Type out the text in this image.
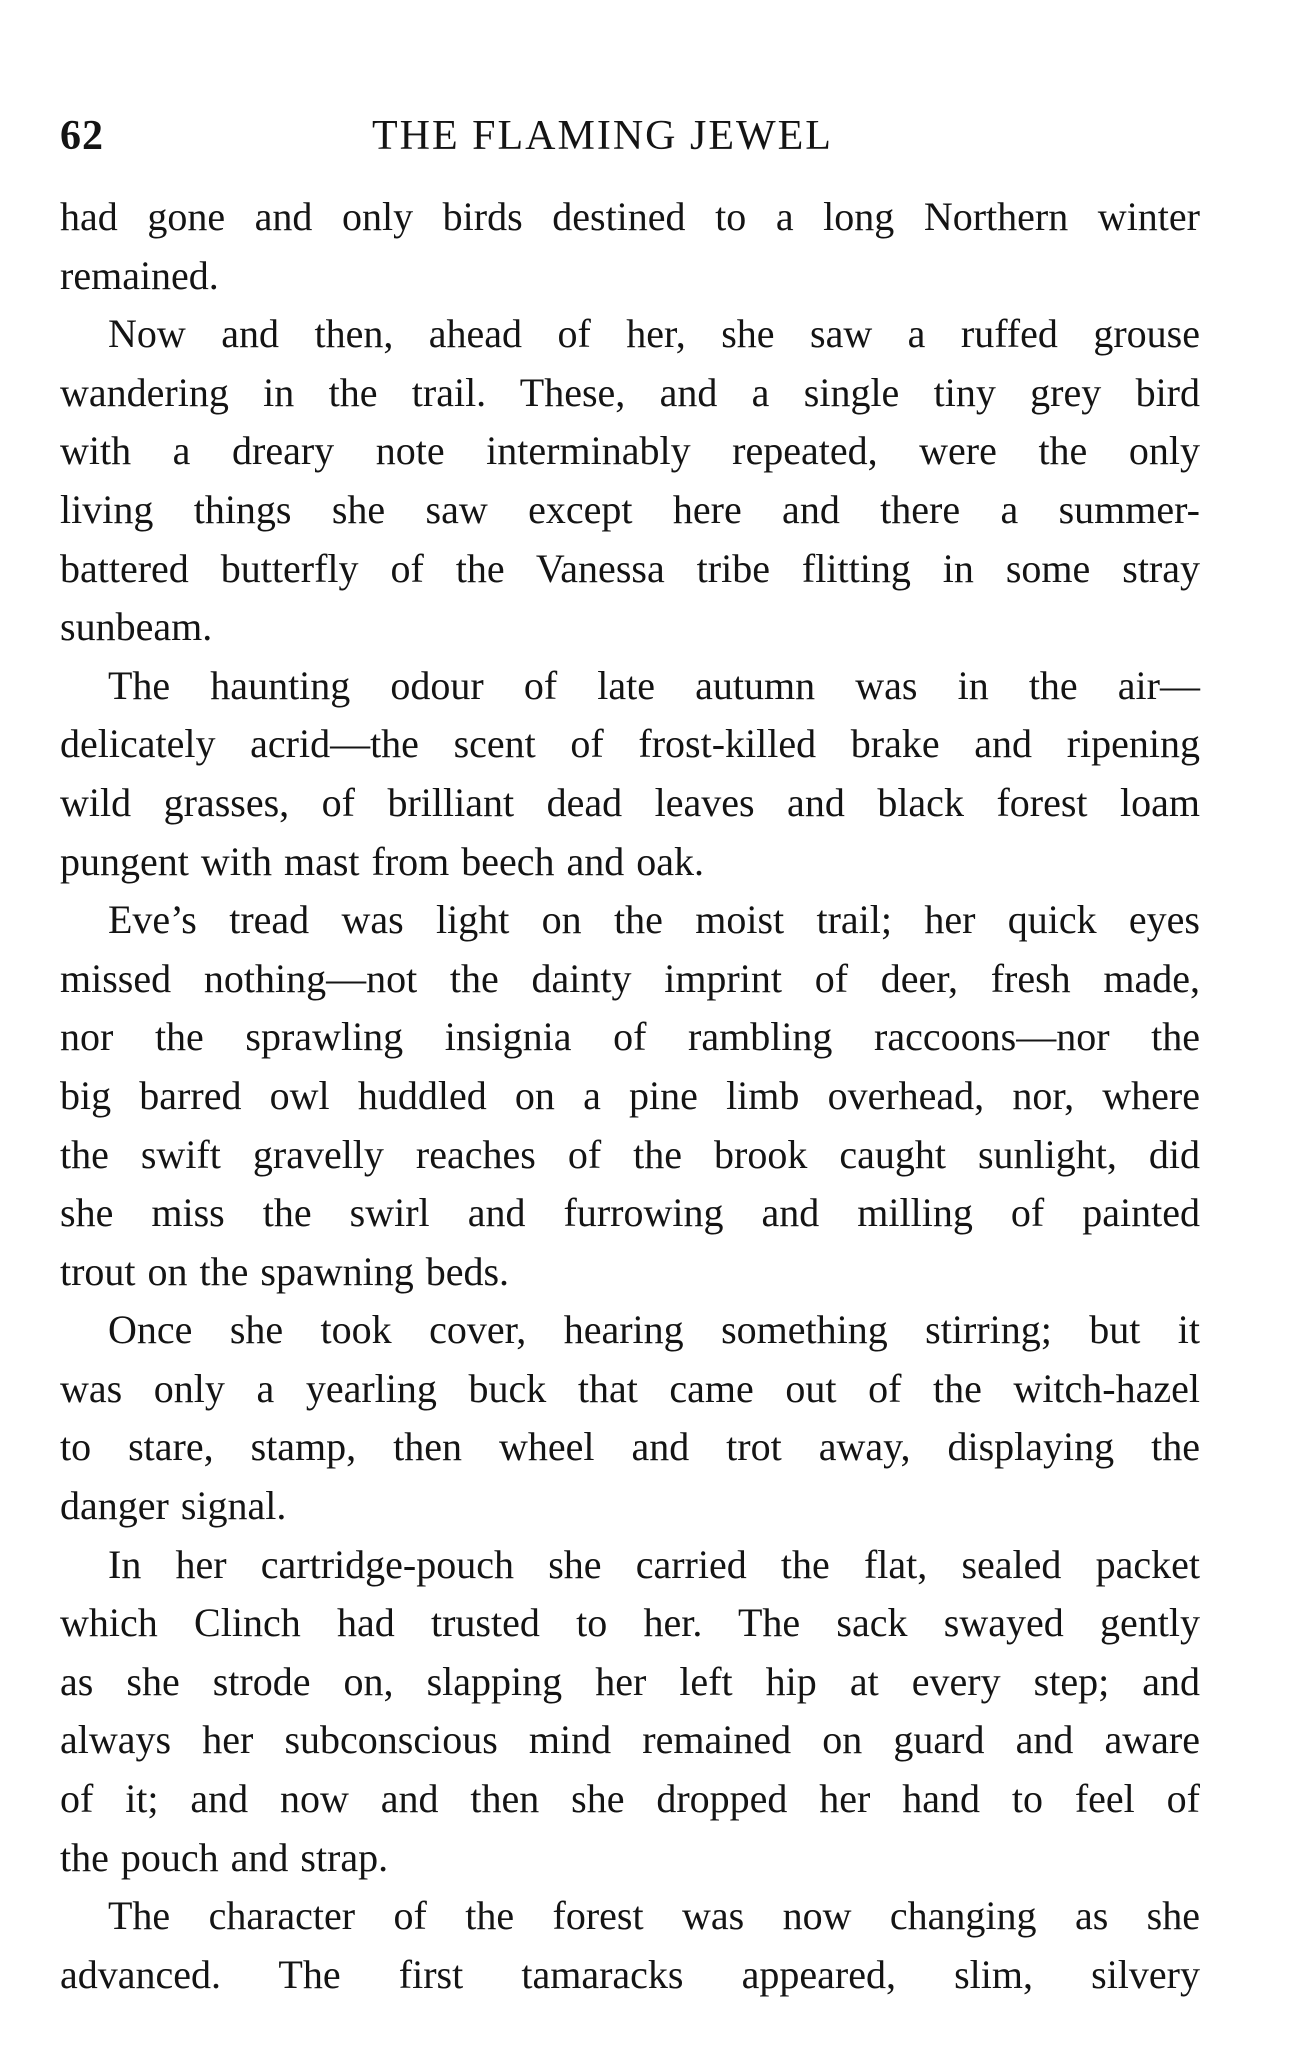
62	THE FLAMING JEWEL
had gone and only birds destined to a long Northern winter
remained.
Now and then, ahead of her, she saw a ruffed grouse
wandering in the trail. These, and a single tiny grey bird
with a dreary note interminably repeated, were the only
living things she saw except here and there a summer-
battered butterfly of the Vanessa tribe flitting in some stray
sunbeam.
The haunting odour of late autumn was in the air—
delicately acrid—the scent of frost-killed brake and ripening
wild grasses, of brilliant dead leaves and black forest loam
pungent with mast from beech and oak.
Eve’s tread was light on the moist trail; her quick eyes
missed nothing—not the dainty imprint of deer, fresh made,
nor the sprawling insignia of rambling raccoons—nor the
big barred owl huddled on a pine limb overhead, nor, where
the swift gravelly reaches of the brook caught sunlight, did
she miss the swirl and furrowing and milling of painted
trout on the spawning beds.
Once she took cover, hearing something stirring; but it
was only a yearling buck that came out of the witch-hazel
to stare, stamp, then wheel and trot away, displaying the
danger signal.
In her cartridge-pouch she carried the flat, sealed packet
which Clinch had trusted to her. The sack swayed gently
as she strode on, slapping her left hip at every step; and
always her subconscious mind remained on guard and aware
of it; and now and then she dropped her hand to feel of
the pouch and strap.
The character of the forest was now changing as she
advanced. The first tamaracks appeared, slim, silvery
